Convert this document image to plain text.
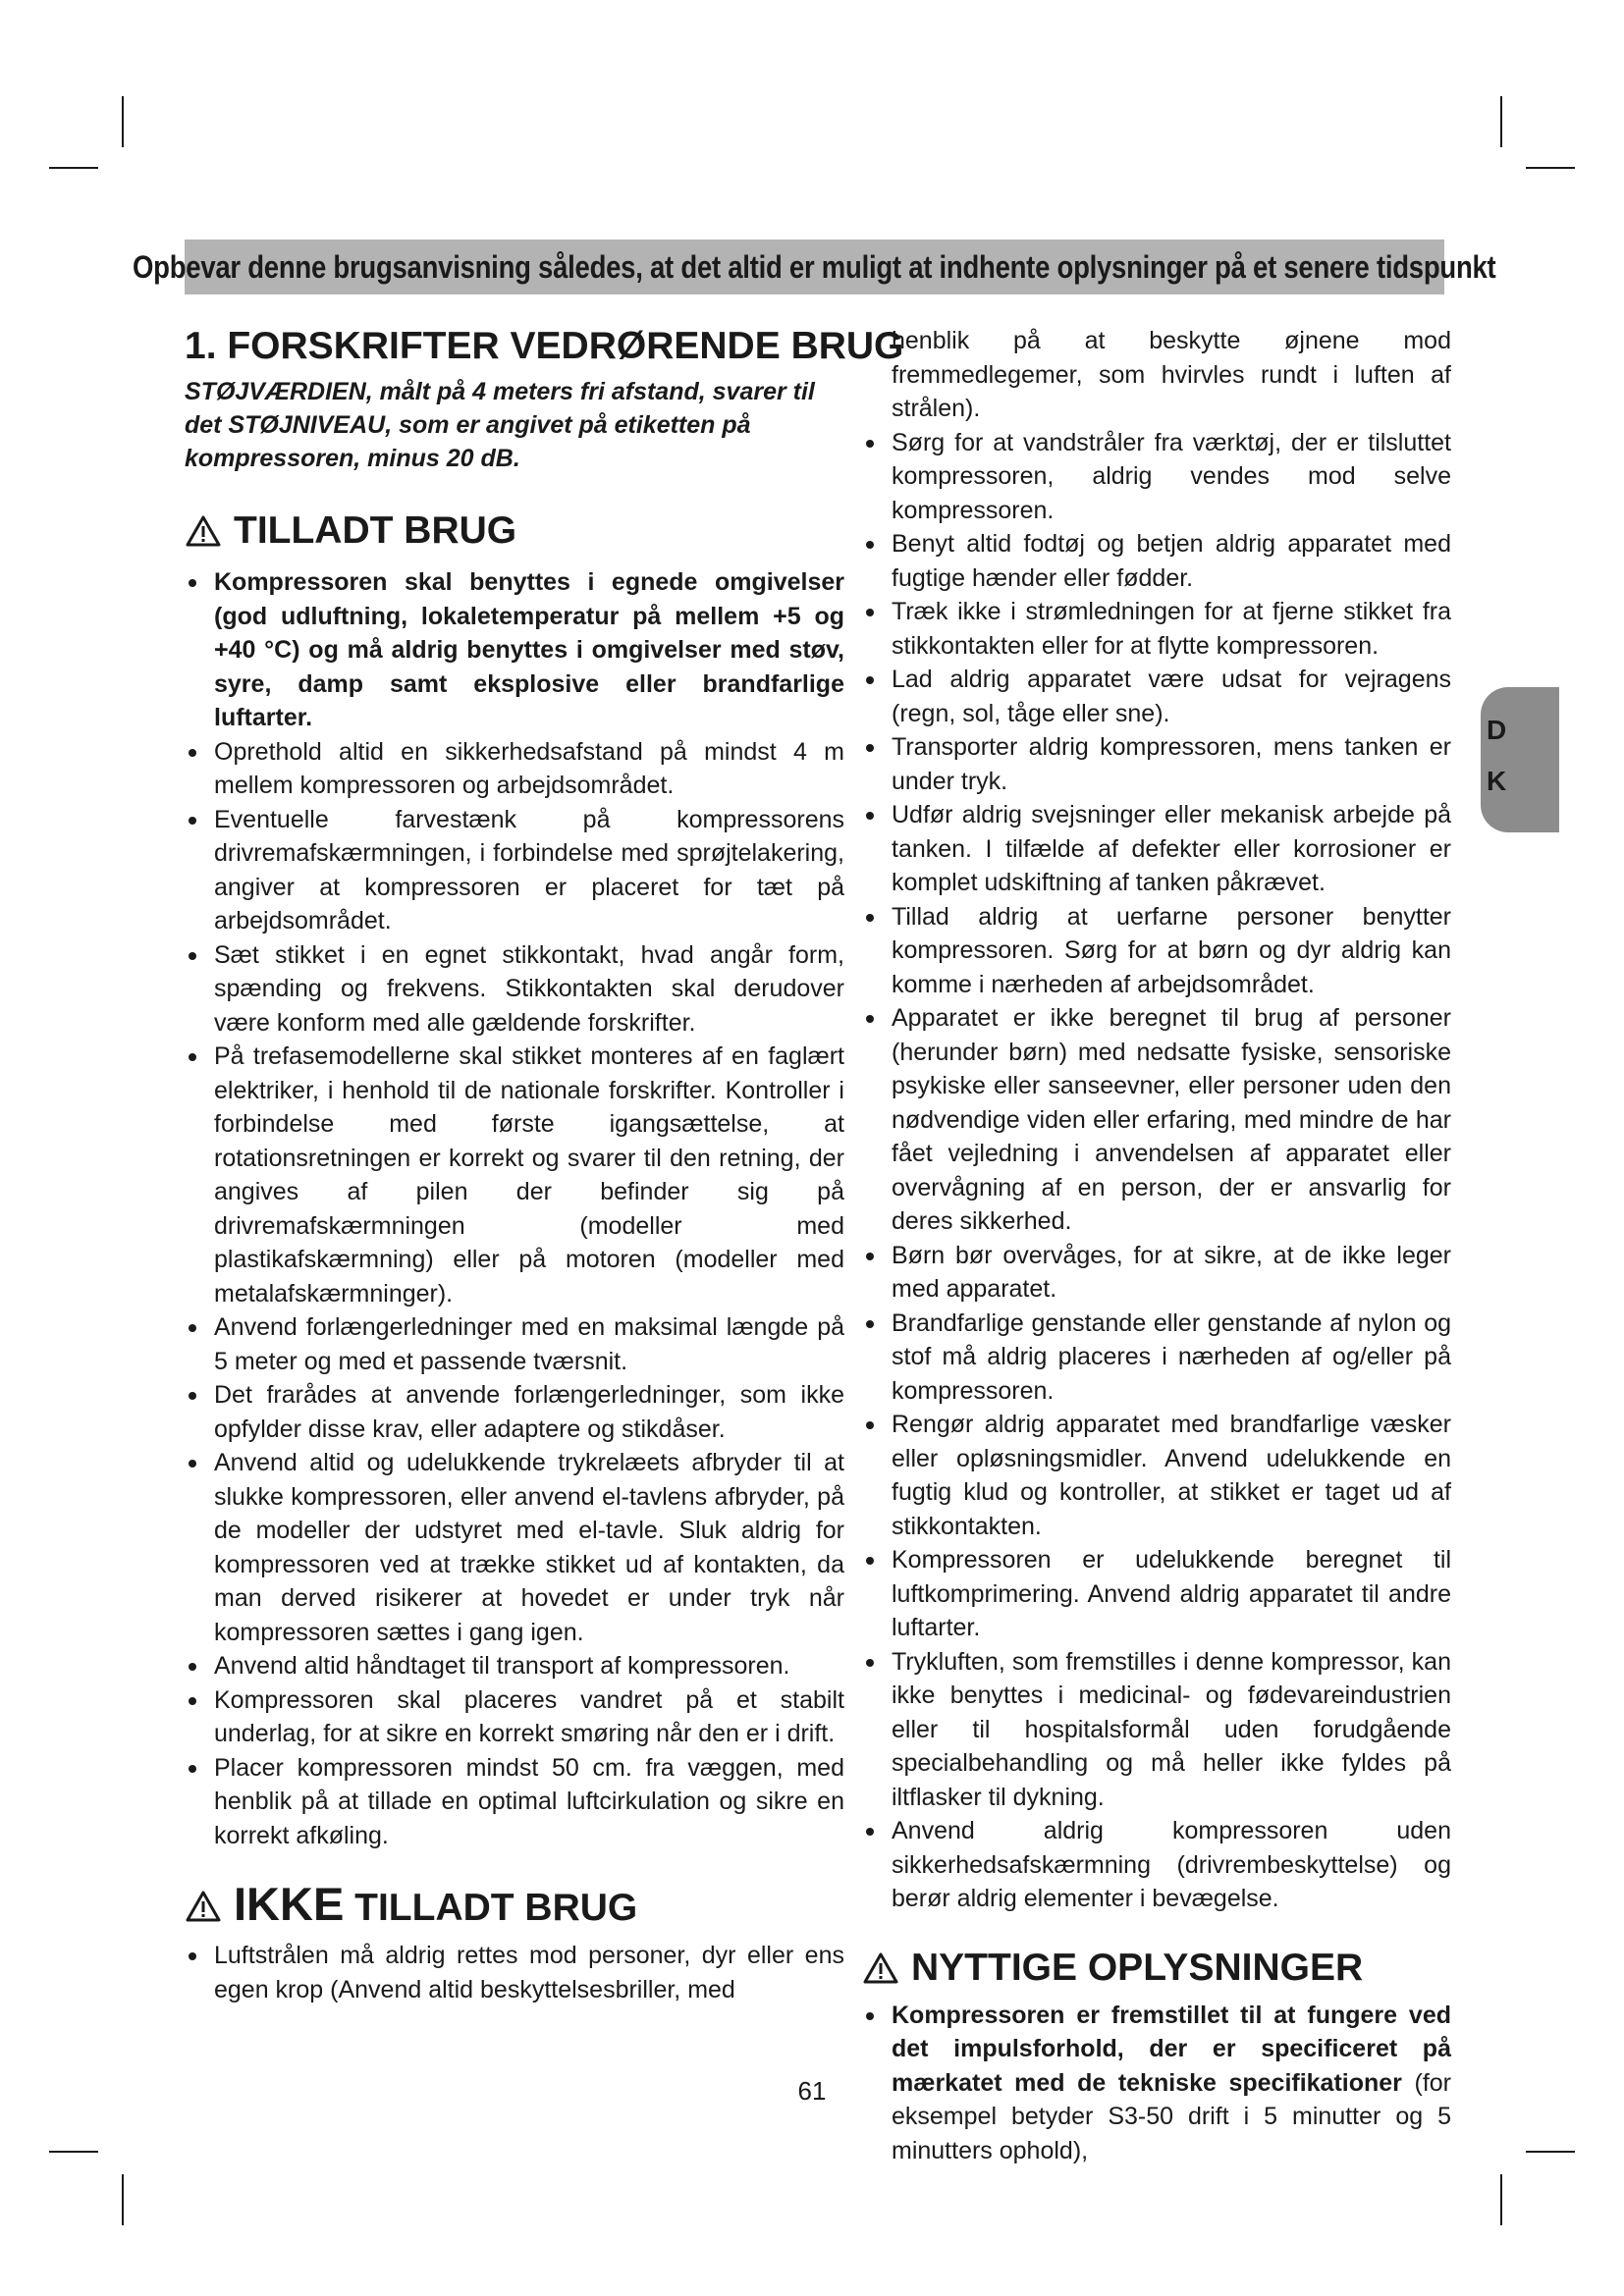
Opbevar denne brugsanvisning således, at det altid er muligt at indhente oplysninger på et senere tidspunkt
1. FORSKRIFTER VEDRØRENDE BRUG

STØJVÆRDIEN, målt på 4 meters fri afstand, svarer til det STØJNIVEAU, som er angivet på etiketten på kompressoren, minus 20 dB.

TILLADT BRUG
Kompressoren skal benyttes i egnede omgivelser (god udluftning, lokaletemperatur på mellem +5 og +40 °C) og må aldrig benyttes i omgivelser med støv, syre, damp samt eksplosive eller brandfarlige luftarter.
Oprethold altid en sikkerhedsafstand på mindst 4 m mellem kompressoren og arbejdsområdet.
Eventuelle farvestænk på kompressorens drivremafskærmningen, i forbindelse med sprøjtelakering, angiver at kompressoren er placeret for tæt på arbejdsområdet.
Sæt stikket i en egnet stikkontakt, hvad angår form, spænding og frekvens. Stikkontakten skal derudover være konform med alle gældende forskrifter.
På trefasemodellerne skal stikket monteres af en faglært elektriker, i henhold til de nationale forskrifter. Kontroller i forbindelse med første igangsættelse, at rotationsretningen er korrekt og svarer til den retning, der angives af pilen der befinder sig på drivremafskærmningen (modeller med plastikafskærmning) eller på motoren (modeller med metalafskærmninger).
Anvend forlængerledninger med en maksimal længde på 5 meter og med et passende tværsnit.
Det frarådes at anvende forlængerledninger, som ikke opfylder disse krav, eller adaptere og stikdåser.
Anvend altid og udelukkende trykrelæets afbryder til at slukke kompressoren, eller anvend el-tavlens afbryder, på de modeller der udstyret med el-tavle. Sluk aldrig for kompressoren ved at trække stikket ud af kontakten, da man derved risikerer at hovedet er under tryk når kompressoren sættes i gang igen.
Anvend altid håndtaget til transport af kompressoren.
Kompressoren skal placeres vandret på et stabilt underlag, for at sikre en korrekt smøring når den er i drift.
Placer kompressoren mindst 50 cm. fra væggen, med henblik på at tillade en optimal luftcirkulation og sikre en korrekt afkøling.
IKKE TILLADT BRUG
Luftstrålen må aldrig rettes mod personer, dyr eller ens egen krop (Anvend altid beskyttelsesbriller, med
henblik på at beskytte øjnene mod fremmedlegemer, som hvirvles rundt i luften af strålen).
Sørg for at vandstråler fra værktøj, der er tilsluttet kompressoren, aldrig vendes mod selve kompressoren.
Benyt altid fodtøj og betjen aldrig apparatet med fugtige hænder eller fødder.
Træk ikke i strømledningen for at fjerne stikket fra stikkontakten eller for at flytte kompressoren.
Lad aldrig apparatet være udsat for vejragens (regn, sol, tåge eller sne).
Transporter aldrig kompressoren, mens tanken er under tryk.
Udfør aldrig svejsninger eller mekanisk arbejde på tanken. I tilfælde af defekter eller korrosioner er komplet udskiftning af tanken påkrævet.
Tillad aldrig at uerfarne personer benytter kompressoren. Sørg for at børn og dyr aldrig kan komme i nærheden af arbejdsområdet.
Apparatet er ikke beregnet til brug af personer (herunder børn) med nedsatte fysiske, sensoriske psykiske eller sanseevner, eller personer uden den nødvendige viden eller erfaring, med mindre de har fået vejledning i anvendelsen af apparatet eller overvågning af en person, der er ansvarlig for deres sikkerhed.
Børn bør overvåges, for at sikre, at de ikke leger med apparatet.
Brandfarlige genstande eller genstande af nylon og stof må aldrig placeres i nærheden af og/eller på kompressoren.
Rengør aldrig apparatet med brandfarlige væsker eller opløsningsmidler. Anvend udelukkende en fugtig klud og kontroller, at stikket er taget ud af stikkontakten.
Kompressoren er udelukkende beregnet til luftkomprimering. Anvend aldrig apparatet til andre luftarter.
Trykluften, som fremstilles i denne kompressor, kan ikke benyttes i medicinal- og fødevareindustrien eller til hospitalsformål uden forudgående specialbehandling og må heller ikke fyldes på iltflasker til dykning.
Anvend aldrig kompressoren uden sikkerhedsafskærmning (drivrembeskyttelse) og berør aldrig elementer i bevægelse.
NYTTIGE OPLYSNINGER
Kompressoren er fremstillet til at fungere ved det impulsforhold, der er specificeret på mærkatet med de tekniske specifikationer (for eksempel betyder S3-50 drift i 5 minutter og 5 minutters ophold),
D
K
61
